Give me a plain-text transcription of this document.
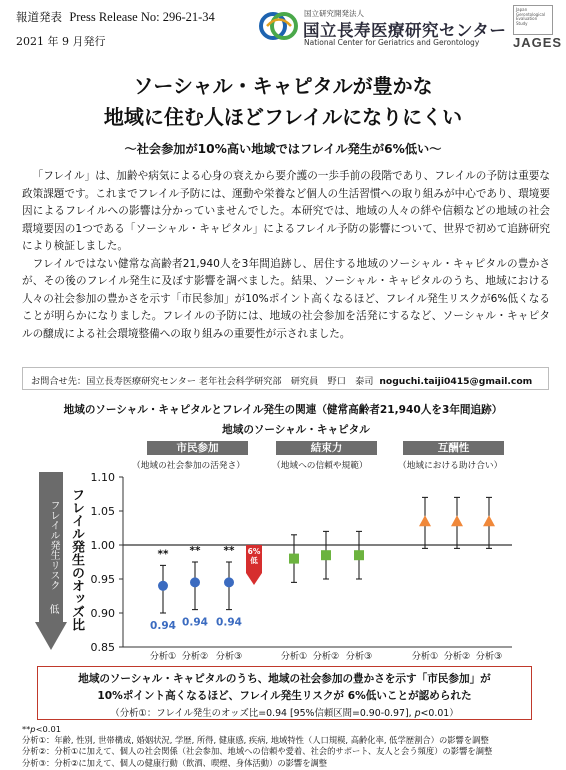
報道発表 Press Release No: 296-21-34
2021 年 9 月発行
国立研究開発法人
国立長寿医療研究センター
National Center for Geriatrics and Gerontology
Japan
Gerontological
Evaluation
Study
JAGES
ソーシャル・キャピタルが豊かな
地域に住む人ほどフレイルになりにくい
～社会参加が10%高い地域ではフレイル発生が6%低い～

「フレイル」は、加齢や病気による心身の衰えから要介護の一歩手前の段階であり、フレイルの予防は重要な政策課題です。これまでフレイル予防には、運動や栄養など個人の生活習慣への取り組みが中心であり、環境要因によるフレイルへの影響は分かっていませんでした。本研究では、地域の人々の絆や信頼などの地域の社会環境要因の1つである「ソーシャル・キャピタル」によるフレイル予防の影響について、世界で初めて追跡研究により検証しました。

フレイルではない健常な高齢者21,940人を3年間追跡し、居住する地域のソーシャル・キャピタルの豊かさが、その後のフレイル発生に及ぼす影響を調べました。結果、ソーシャル・キャピタルのうち、地域における人々の社会参加の豊かさを示す「市民参加」が10%ポイント高くなるほど、フレイル発生リスクが6%低くなることが明らかになりました。フレイルの予防には、地域の社会参加を活発にするなど、ソーシャル・キャピタルの醸成による社会環境整備への取り組みの重要性が示されました。

お問合せ先：国立長寿医療研究センター 老年社会科学研究部　研究員　野口　泰司 noguchi.taiji0415@gmail.com
地域のソーシャル・キャピタルとフレイル発生の関連（健常高齢者21,940人を3年間追跡）
地域のソーシャル・キャピタル
市民参加	結束力	互酬性
（地域の社会参加の活発さ）	（地域への信頼や規範）	（地域における助け合い）
フレイル発生リスク
低 フレイル発生のオッズ比
0.85
0.90
0.95
1.00
1.05
1.10
分析① 分析② 分析③	分析① 分析② 分析③	分析① 分析② 分析③
0.94
**
0.94
**
0.94
** 6%低
地域のソーシャル・キャピタルのうち、地域の社会参加の豊かさを示す「市民参加」が
10%ポイント高くなるほど、フレイル発生リスクが 6%低いことが認められた
（分析①：フレイル発生のオッズ比=0.94 [95%信頼区間=0.90-0.97], p<0.01）
**p<0.01
分析①：年齢, 性別, 世帯構成, 婚姻状況, 学歴, 所得, 健康感, 疾病, 地域特性（人口規模, 高齢化率, 低学歴割合）の影響を調整
分析②：分析①に加えて、個人の社会関係（社会参加、地域への信頼や愛着、社会的サポート、友人と会う頻度）の影響を調整
分析③：分析②に加えて、個人の健康行動（飲酒、喫煙、身体活動）の影響を調整
